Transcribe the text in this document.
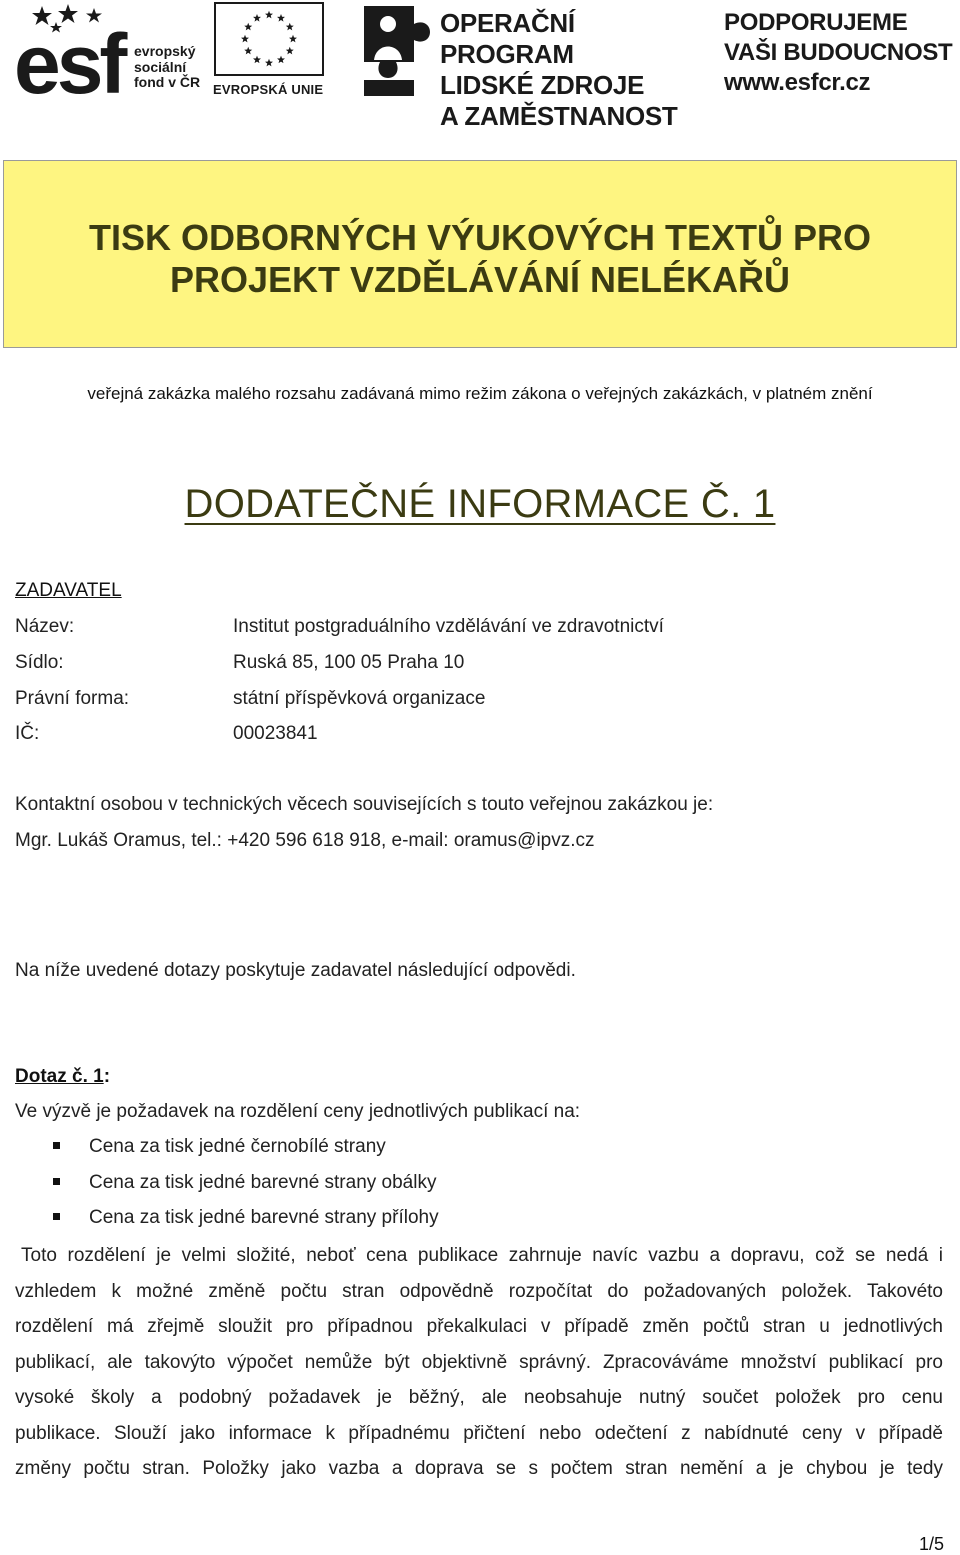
esf evropský
sociální
fond v ČR EVROPSKÁ UNIE
OPERAČNÍ PROGRAM
LIDSKÉ ZDROJE
A ZAMĚSTNANOST
PODPORUJEME
VAŠI BUDOUCNOST
www.esfcr.cz
TISK ODBORNÝCH VÝUKOVÝCH TEXTŮ PRO
PROJEKT VZDĚLÁVÁNÍ NELÉKAŘŮ
veřejná zakázka malého rozsahu zadávaná mimo režim zákona o veřejných zakázkách, v platném znění
DODATEČNÉ INFORMACE Č. 1
ZADAVATEL
Název:	Institut postgraduálního vzdělávání ve zdravotnictví
Sídlo:	Ruská 85, 100 05 Praha 10
Právní forma:	státní příspěvková organizace
IČ:	00023841
Kontaktní osobou v technických věcech souvisejících s touto veřejnou zakázkou je:
Mgr. Lukáš Oramus, tel.: +420 596 618 918, e-mail: oramus@ipvz.cz
Na níže uvedené dotazy poskytuje zadavatel následující odpovědi.
Dotaz č. 1:
Ve výzvě je požadavek na rozdělení ceny jednotlivých publikací na:
Cena za tisk jedné černobílé strany
Cena za tisk jedné barevné strany obálky
Cena za tisk jedné barevné strany přílohy
Toto rozdělení je velmi složité, neboť cena publikace zahrnuje navíc vazbu a dopravu, což se nedá i
vzhledem k možné změně počtu stran odpovědně rozpočítat do požadovaných položek. Takovéto
rozdělení má zřejmě sloužit pro případnou překalkulaci v případě změn počtů stran u jednotlivých
publikací, ale takovýto výpočet nemůže být objektivně správný. Zpracováváme množství publikací pro
vysoké školy a podobný požadavek je běžný, ale neobsahuje nutný součet položek pro cenu
publikace. Slouží jako informace k případnému přičtení nebo odečtení z nabídnuté ceny v případě
změny počtu stran. Položky jako vazba a doprava se s počtem stran nemění a je chybou je tedy
1/5
